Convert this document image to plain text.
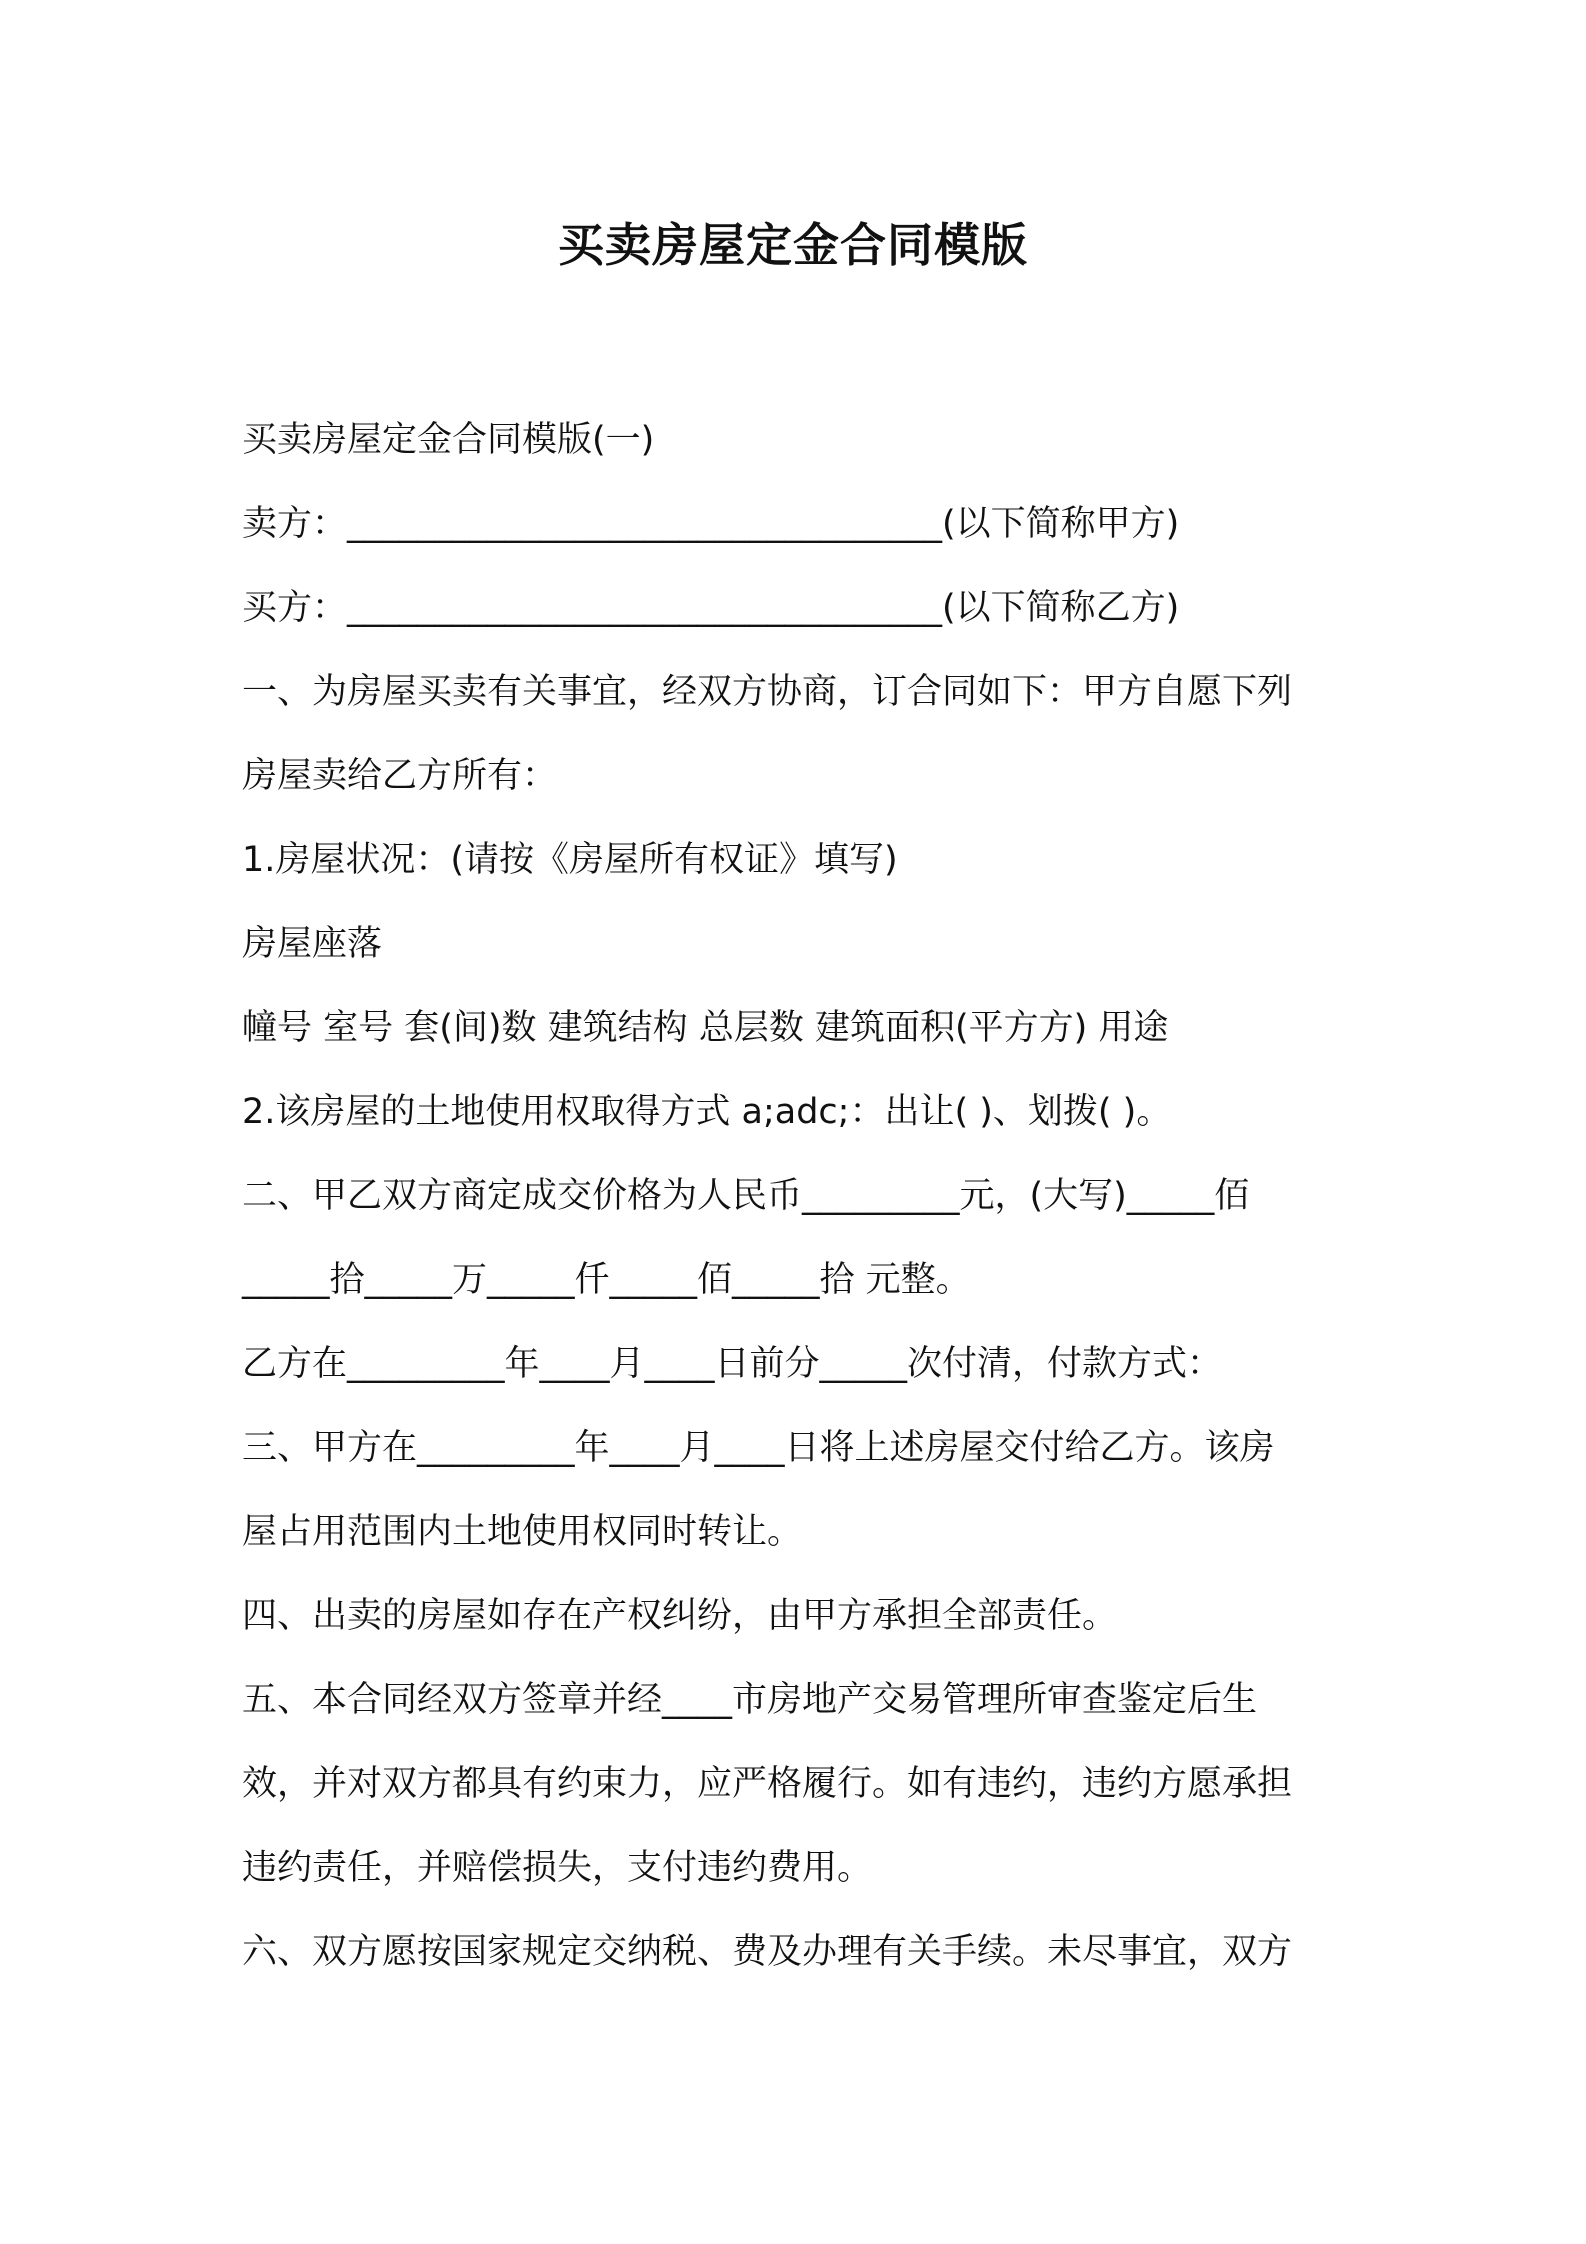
买卖房屋定金合同模版
买卖房屋定金合同模版(一)
卖方：__________________________________(以下简称甲方)
买方：__________________________________(以下简称乙方)
一、为房屋买卖有关事宜，经双方协商，订合同如下：甲方自愿下列
房屋卖给乙方所有：
1.房屋状况：(请按《房屋所有权证》填写)
房屋座落
幢号 室号 套(间)数 建筑结构 总层数 建筑面积(平方方) 用途
2.该房屋的土地使用权取得方式 a;adc;：出让( )、划拨( )。
二、甲乙双方商定成交价格为人民币_________元，(大写)_____佰
_____拾_____万_____仟_____佰_____拾 元整。
乙方在_________年____月____日前分_____次付清，付款方式：
三、甲方在_________年____月____日将上述房屋交付给乙方。该房
屋占用范围内土地使用权同时转让。
四、出卖的房屋如存在产权纠纷，由甲方承担全部责任。
五、本合同经双方签章并经____市房地产交易管理所审查鉴定后生
效，并对双方都具有约束力，应严格履行。如有违约，违约方愿承担
违约责任，并赔偿损失，支付违约费用。
六、双方愿按国家规定交纳税、费及办理有关手续。未尽事宜，双方
